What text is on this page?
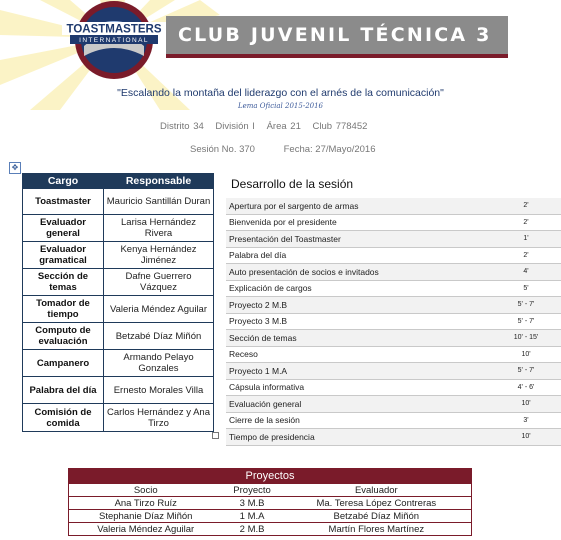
TOASTMASTERS
INTERNATIONAL CLUB JUVENIL TÉCNICA 3
"Escalando la montaña del liderazgo con el arnés de la comunicación"
Lema Oficial 2015-2016
Distrito 34 División I Área 21 Club 778452
Sesión No. 370	Fecha: 27/Mayo/2016
✥
Cargo	Responsable
Toastmaster	Mauricio Santillán Duran
Evaluador general	Larisa Hernández Rivera
Evaluador gramatical	Kenya Hernández Jiménez
Sección de temas	Dafne Guerrero Vázquez
Tomador de tiempo	Valeria Méndez Aguilar
Computo de evaluación	Betzabé Díaz Miñón
Campanero	Armando Pelayo Gonzales
Palabra del día	Ernesto Morales Villa
Comisión de comida	Carlos Hernández y Ana Tirzo
Desarrollo de la sesión
Apertura por el sargento de armas	2'
Bienvenida por el presidente	2'
Presentación del Toastmaster	1'
Palabra del día	2'
Auto presentación de socios e invitados	4'
Explicación de cargos	5'
Proyecto 2 M.B	5' - 7'
Proyecto 3 M.B	5' - 7'
Sección de temas	10' - 15'
Receso	10'
Proyecto 1 M.A	5' - 7'
Cápsula informativa	4' - 6'
Evaluación general	10'
Cierre de la sesión	3'
Tiempo de presidencia	10'
Proyectos		
Socio	Proyecto	Evaluador
Ana Tirzo Ruíz	3 M.B	Ma. Teresa López Contreras
Stephanie Díaz Miñón	1 M.A	Betzabé Díaz Miñón
Valeria Méndez Aguilar	2 M.B	Martín Flores Martínez
